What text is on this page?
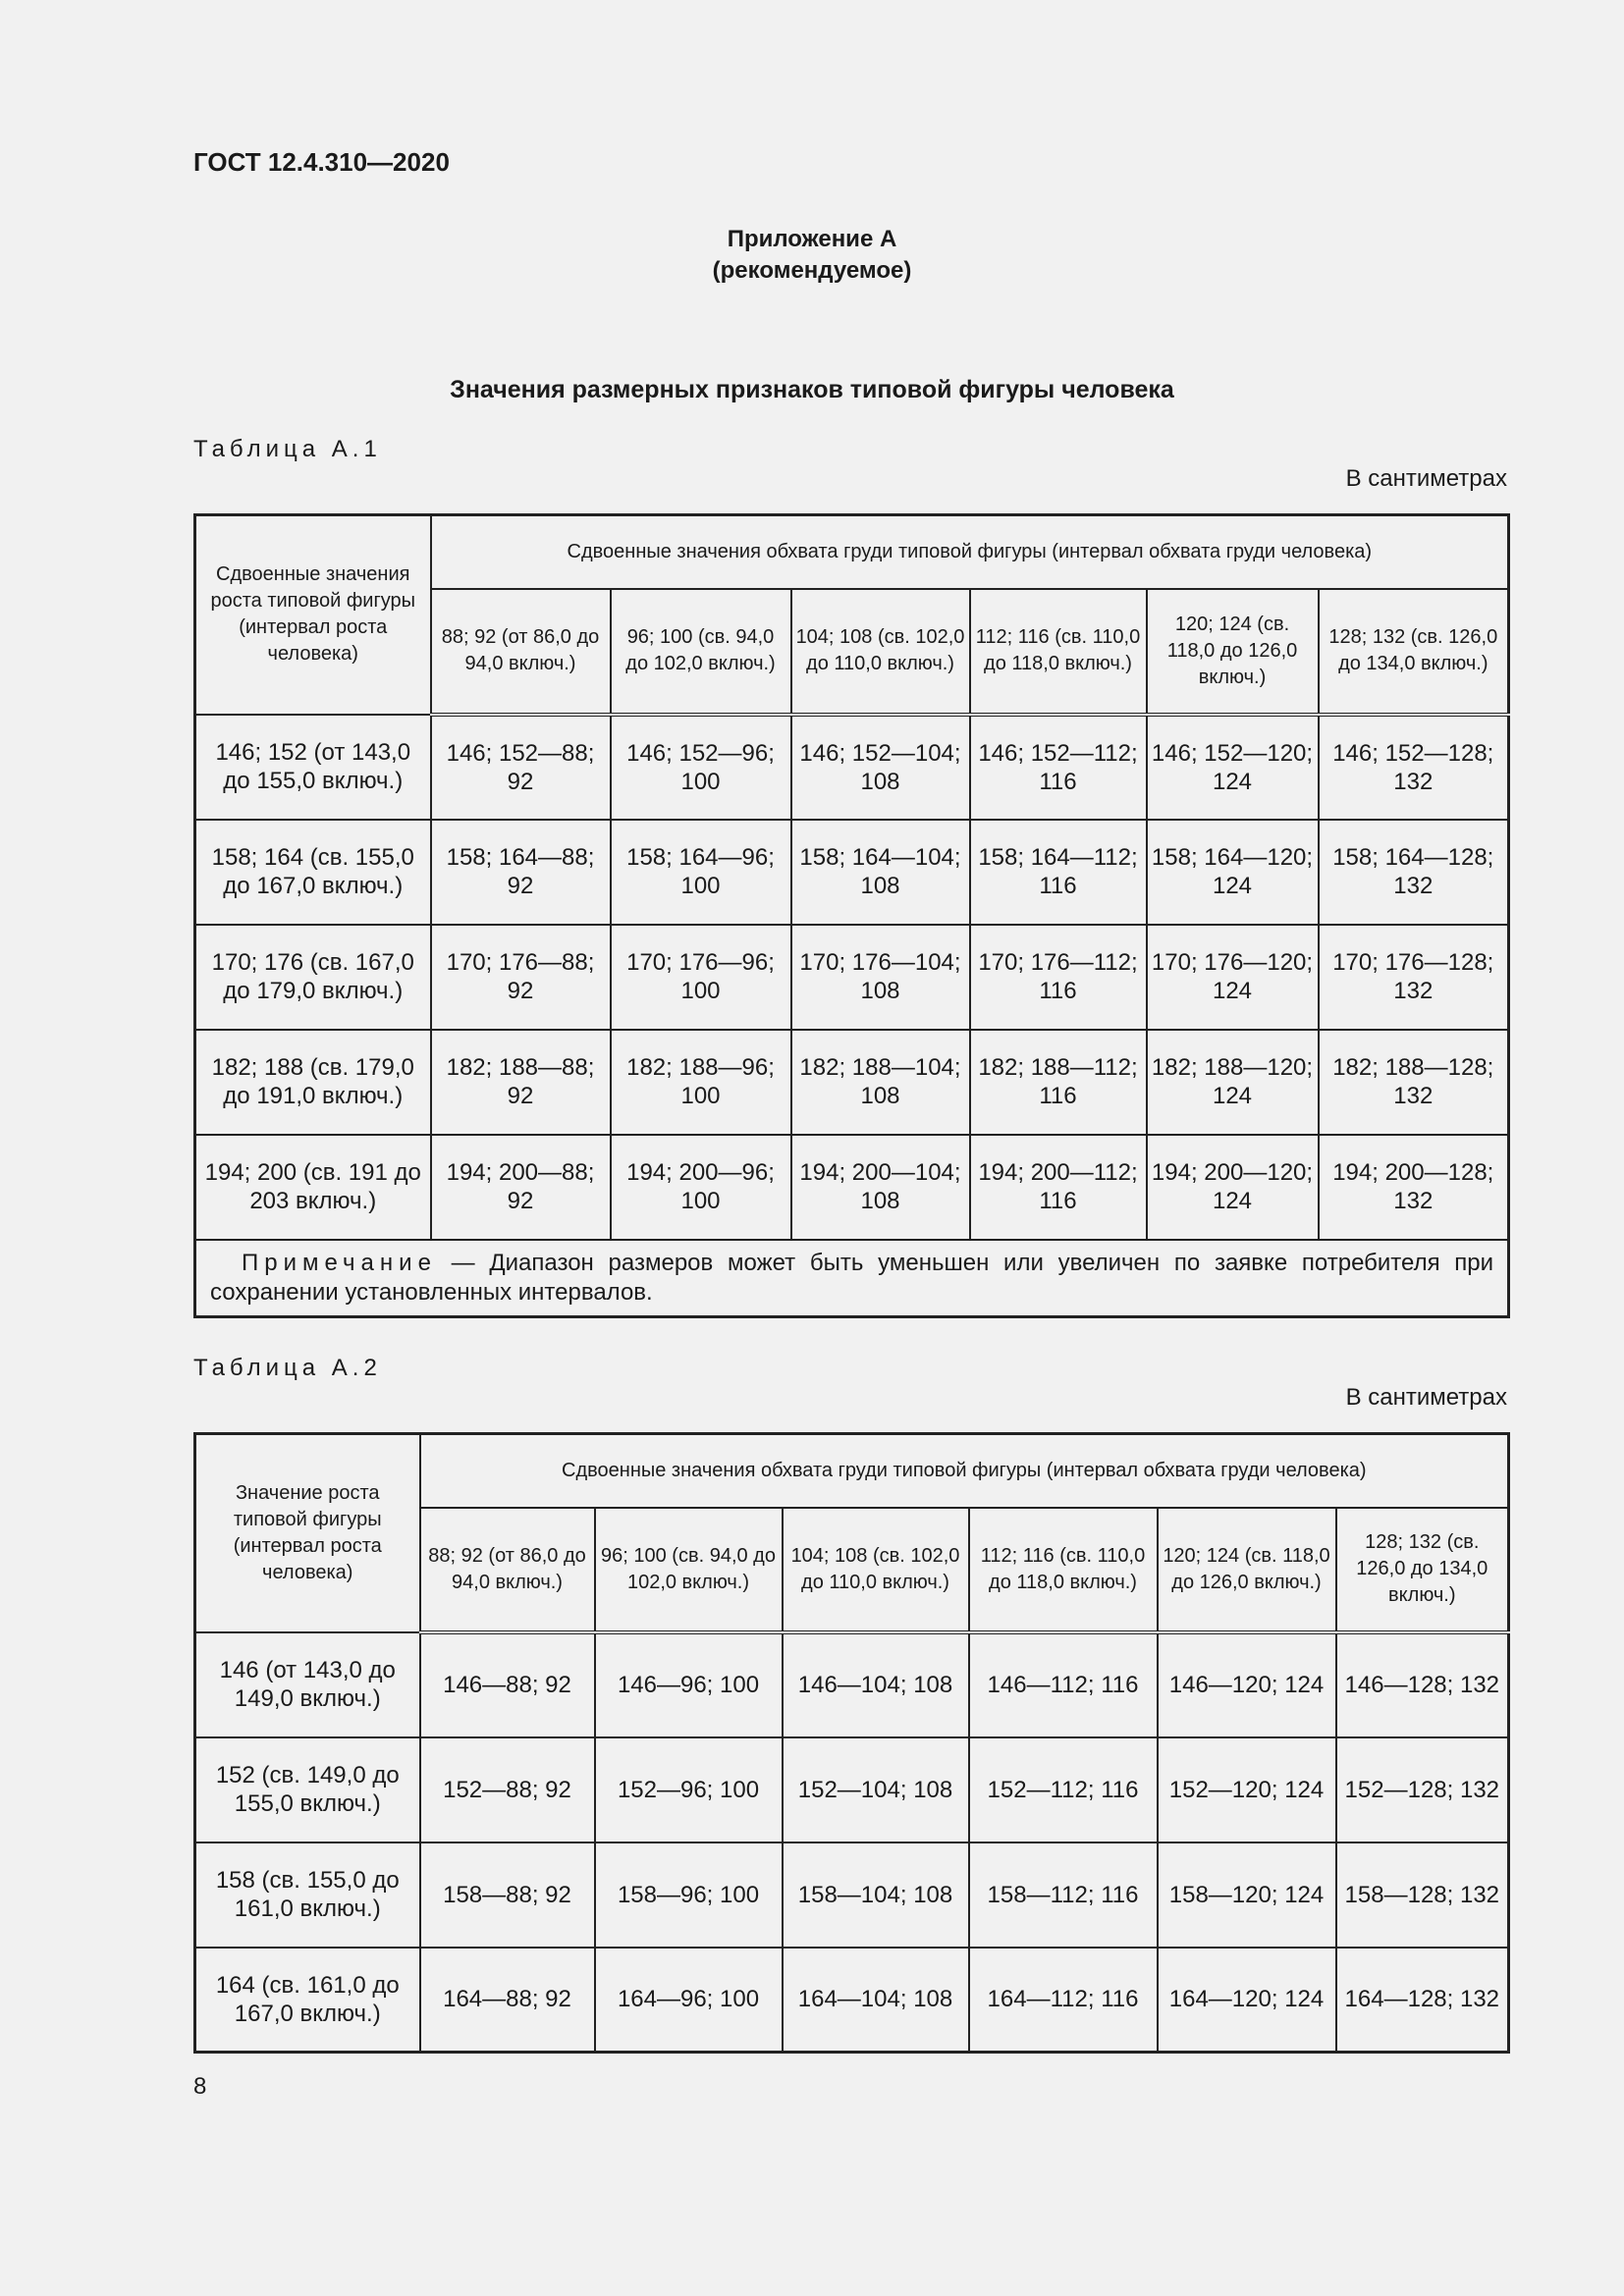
ГОСТ 12.4.310—2020
Приложение А
(рекомендуемое)
Значения размерных признаков типовой фигуры человека
Таблица А.1
В сантиметрах
Сдвоенные значения роста типовой фигуры (интервал роста человека)	Сдвоенные значения обхвата груди типовой фигуры (интервал обхвата груди человека)					
	88; 92 (от 86,0 до 94,0 включ.)	96; 100 (св. 94,0 до 102,0 включ.)	104; 108 (св. 102,0 до 110,0 включ.)	112; 116 (св. 110,0 до 118,0 включ.)	120; 124 (св. 118,0 до 126,0 включ.)	128; 132 (св. 126,0 до 134,0 включ.)
146; 152 (от 143,0 до 155,0 включ.)	146; 152—88; 92	146; 152—96; 100	146; 152—104; 108	146; 152—112; 116	146; 152—120; 124	146; 152—128; 132
158; 164 (св. 155,0 до 167,0 включ.)	158; 164—88; 92	158; 164—96; 100	158; 164—104; 108	158; 164—112; 116	158; 164—120; 124	158; 164—128; 132
170; 176 (св. 167,0 до 179,0 включ.)	170; 176—88; 92	170; 176—96; 100	170; 176—104; 108	170; 176—112; 116	170; 176—120; 124	170; 176—128; 132
182; 188 (св. 179,0 до 191,0 включ.)	182; 188—88; 92	182; 188—96; 100	182; 188—104; 108	182; 188—112; 116	182; 188—120; 124	182; 188—128; 132
194; 200 (св. 191 до 203 включ.)	194; 200—88; 92	194; 200—96; 100	194; 200—104; 108	194; 200—112; 116	194; 200—120; 124	194; 200—128; 132
Примечание — Диапазон размеров может быть уменьшен или увеличен по заявке потребителя при сохранении установленных интервалов.						
Таблица А.2
В сантиметрах
Значение роста типовой фигуры (интервал роста человека)	Сдвоенные значения обхвата груди типовой фигуры (интервал обхвата груди человека)					
	88; 92 (от 86,0 до 94,0 включ.)	96; 100 (св. 94,0 до 102,0 включ.)	104; 108 (св. 102,0 до 110,0 включ.)	112; 116 (св. 110,0 до 118,0 включ.)	120; 124 (св. 118,0 до 126,0 включ.)	128; 132 (св. 126,0 до 134,0 включ.)
146 (от 143,0 до 149,0 включ.)	146—88; 92	146—96; 100	146—104; 108	146—112; 116	146—120; 124	146—128; 132
152 (св. 149,0 до 155,0 включ.)	152—88; 92	152—96; 100	152—104; 108	152—112; 116	152—120; 124	152—128; 132
158 (св. 155,0 до 161,0 включ.)	158—88; 92	158—96; 100	158—104; 108	158—112; 116	158—120; 124	158—128; 132
164 (св. 161,0 до 167,0 включ.)	164—88; 92	164—96; 100	164—104; 108	164—112; 116	164—120; 124	164—128; 132
8
